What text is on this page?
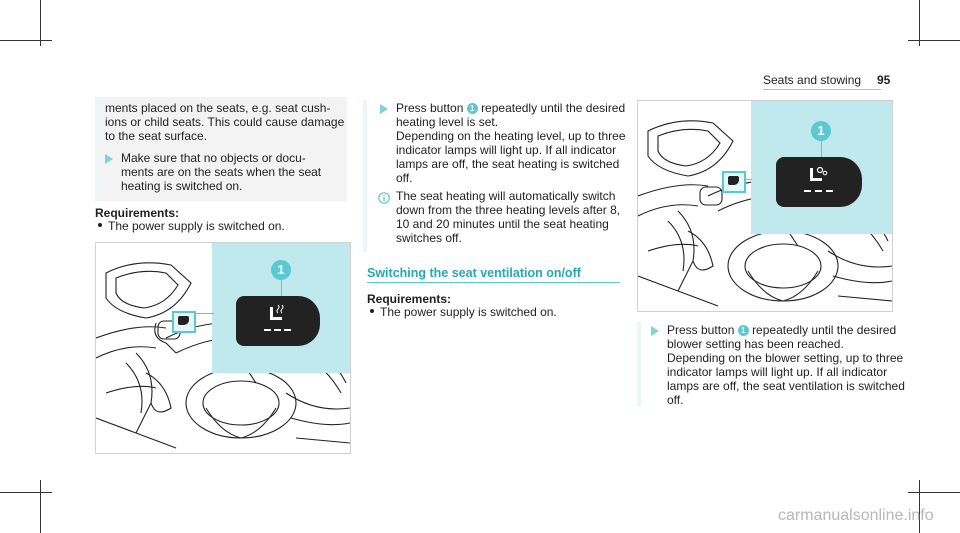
Seats and stowing 95
ments placed on the seats, e.g. seat cush-
ions or child seats. This could cause damage
to the seat surface.
Make sure that no objects or docu-
ments are on the seats when the seat
heating is switched on.
Requirements:
The power supply is switched on.
1
Press button 1 repeatedly until the desired
heating level is set.
Depending on the heating level, up to three
indicator lamps will light up. If all indicator
lamps are off, the seat heating is switched
off.
The seat heating will automatically switch
down from the three heating levels after 8,
10 and 20 minutes until the seat heating
switches off.
Switching the seat ventilation on/off
Requirements:
The power supply is switched on.
1
Press button 1 repeatedly until the desired
blower setting has been reached.
Depending on the blower setting, up to three
indicator lamps will light up. If all indicator
lamps are off, the seat ventilation is switched
off.
carmanualsonline.info
